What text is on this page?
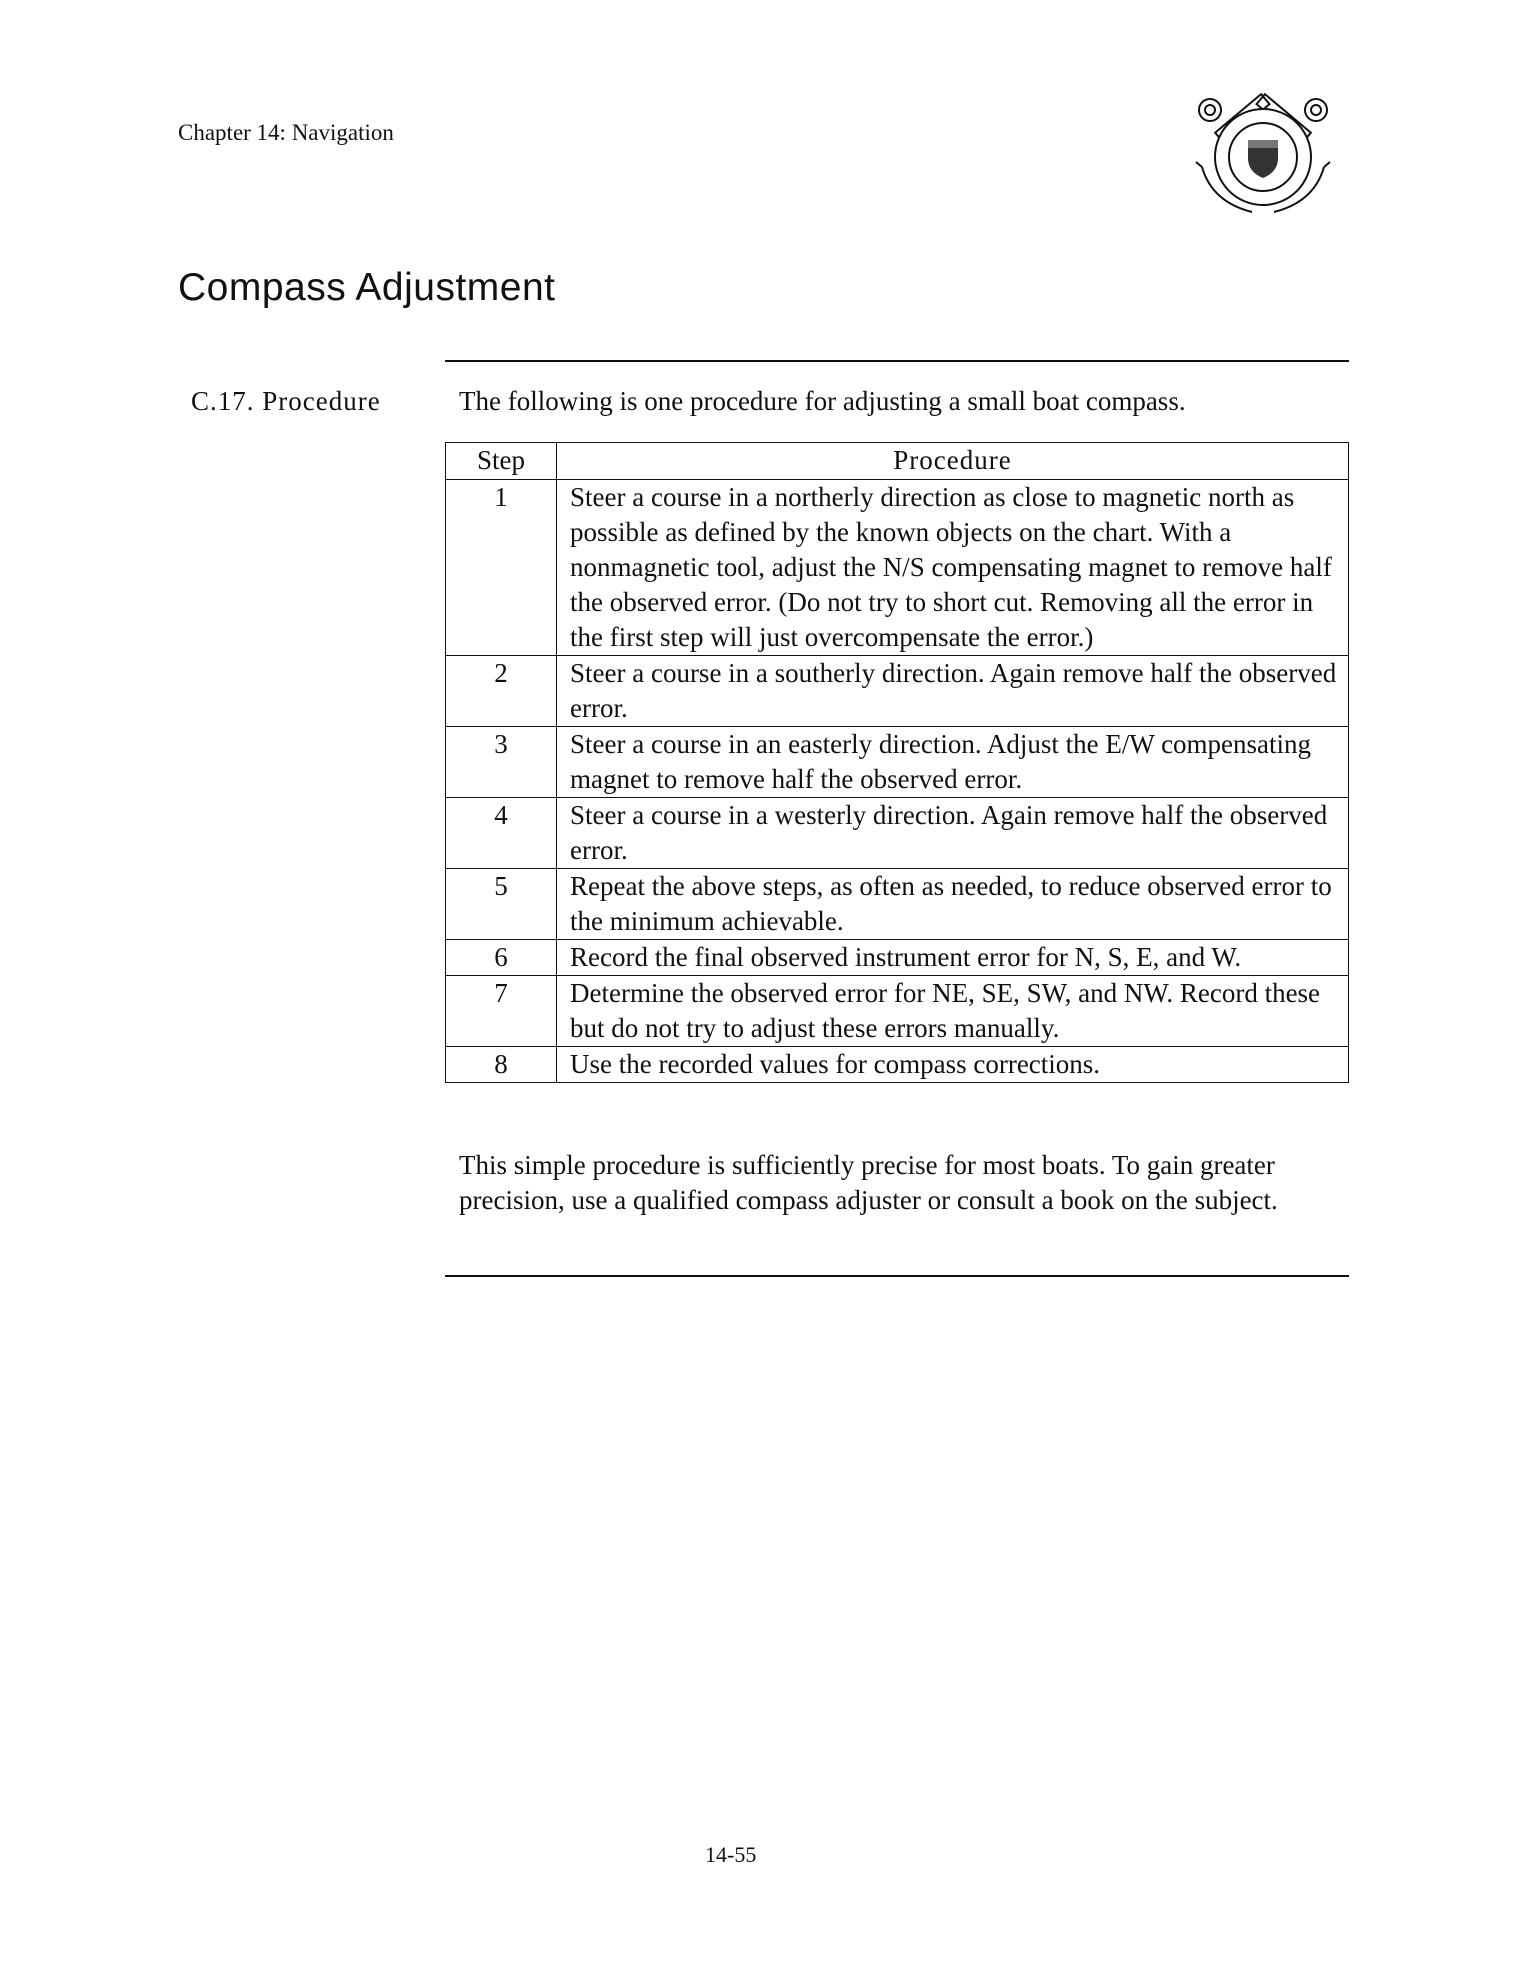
Chapter 14: Navigation
Compass Adjustment
C.17. Procedure	The following is one procedure for adjusting a small boat compass.
Step	Procedure
1	Steer a course in a northerly direction as close to magnetic north as possible as defined by the known objects on the chart. With a nonmagnetic tool, adjust the N/S compensating magnet to remove half the observed error. (Do not try to short cut. Removing all the error in the first step will just overcompensate the error.)
2	Steer a course in a southerly direction. Again remove half the observed error.
3	Steer a course in an easterly direction. Adjust the E/W compensating magnet to remove half the observed error.
4	Steer a course in a westerly direction. Again remove half the observed error.
5	Repeat the above steps, as often as needed, to reduce observed error to the minimum achievable.
6	Record the final observed instrument error for N, S, E, and W.
7	Determine the observed error for NE, SE, SW, and NW. Record these but do not try to adjust these errors manually.
8	Use the recorded values for compass corrections.
This simple procedure is sufficiently precise for most boats. To gain greater precision, use a qualified compass adjuster or consult a book on the subject.
14-55
